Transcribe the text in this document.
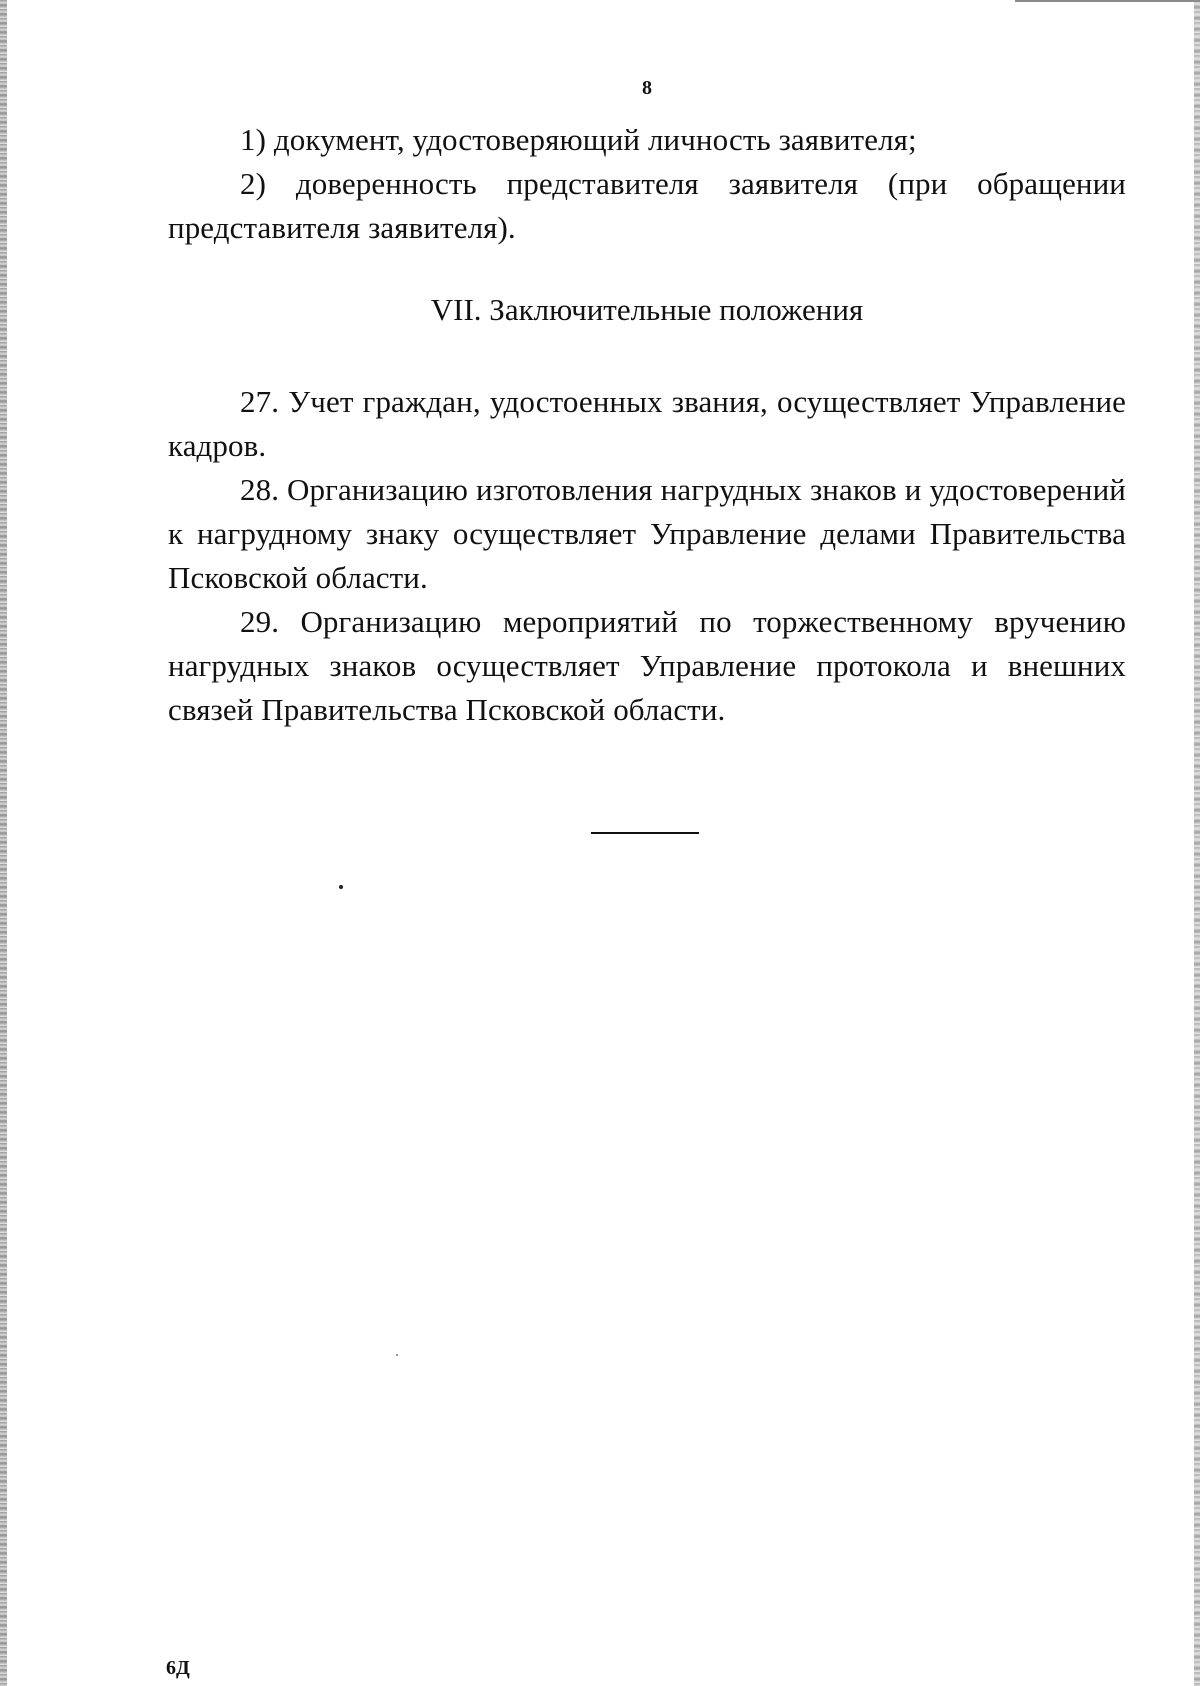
8

1) документ, удостоверяющий личность заявителя;

2) доверенность представителя заявителя (при обращении представителя заявителя).

VII. Заключительные положения

27. Учет граждан, удостоенных звания, осуществляет Управление кадров.

28. Организацию изготовления нагрудных знаков и удостоверений к нагрудному знаку осуществляет Управление делами Правительства Псковской области.

29. Организацию мероприятий по торжественному вручению нагрудных знаков осуществляет Управление протокола и внешних связей Правительства Псковской области.

6Д
